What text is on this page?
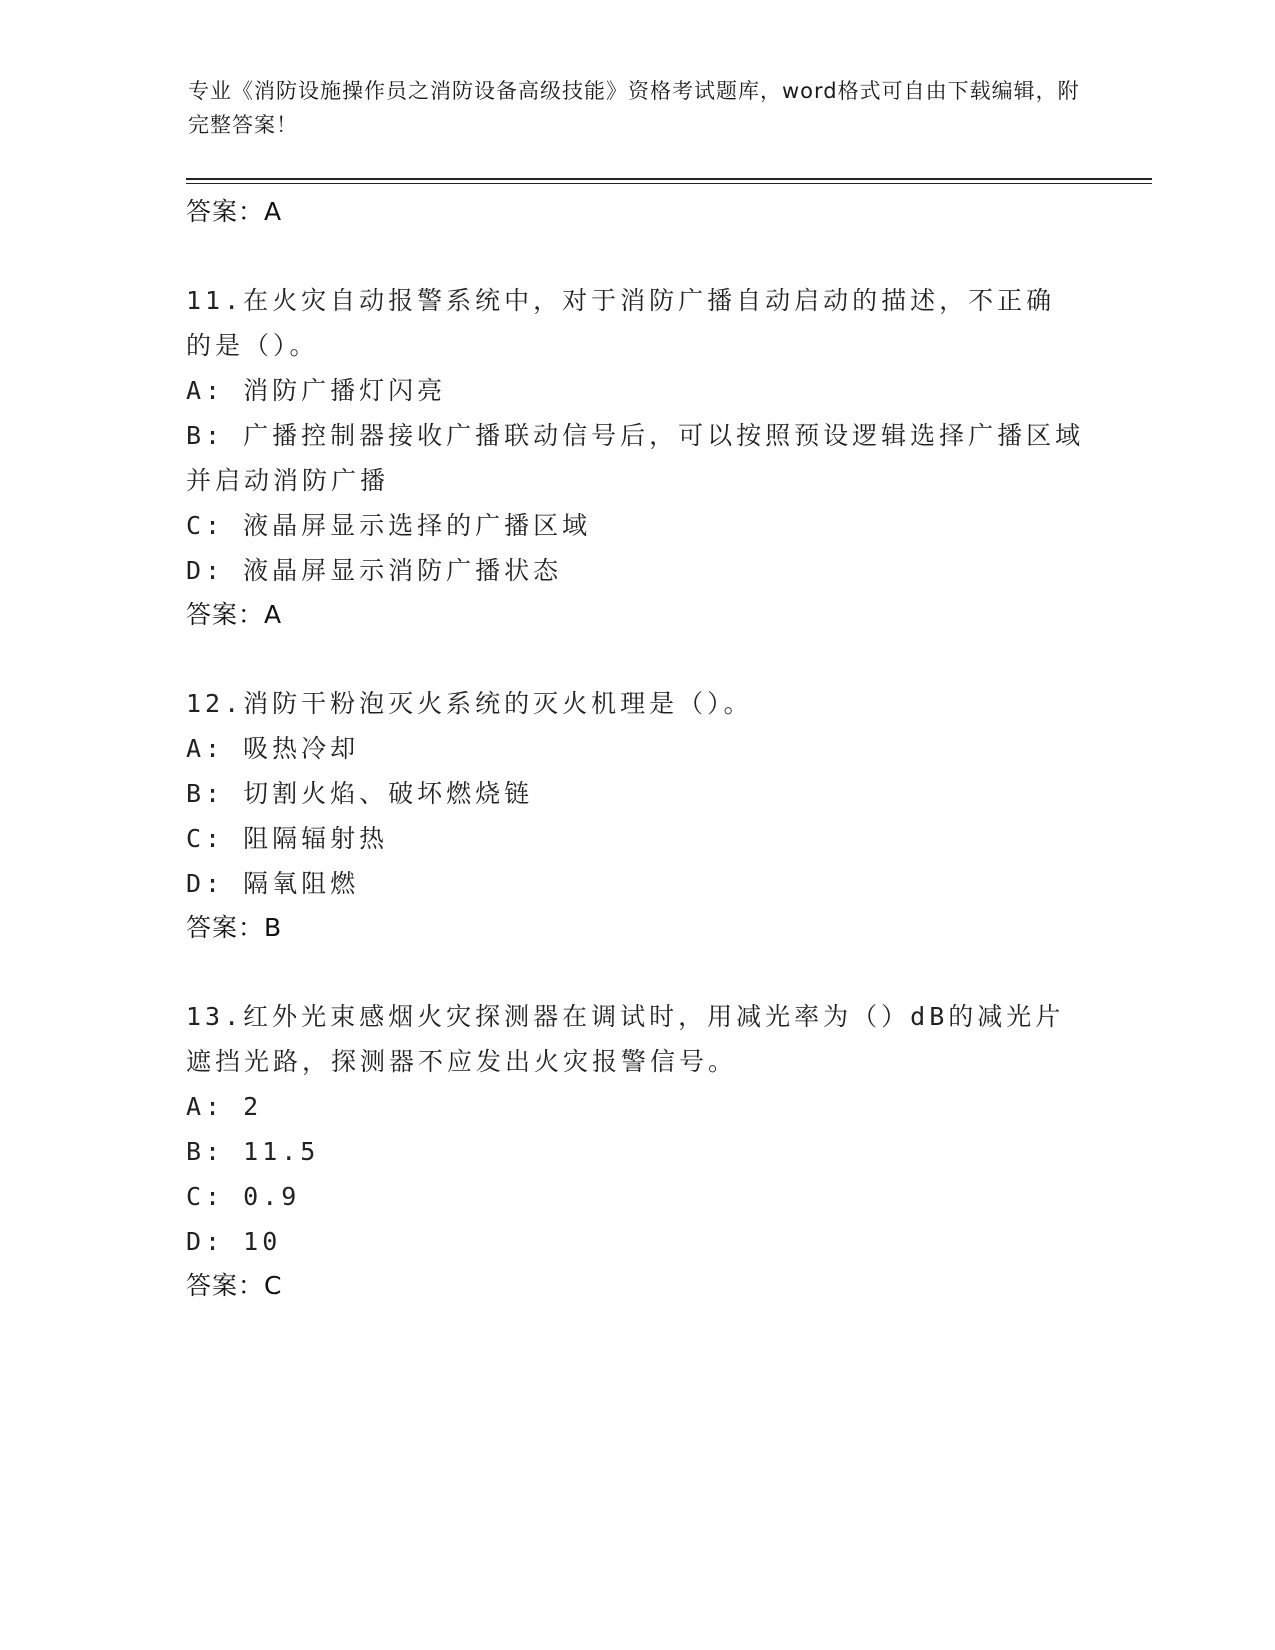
专业《消防设施操作员之消防设备高级技能》资格考试题库，word格式可自由下载编辑，附完整答案！

答案：A

11.在火灾自动报警系统中，对于消防广播自动启动的描述，不正确的是（）。

A: 消防广播灯闪亮

B: 广播控制器接收广播联动信号后，可以按照预设逻辑选择广播区域并启动消防广播

C: 液晶屏显示选择的广播区域

D: 液晶屏显示消防广播状态

答案：A

12.消防干粉泡灭火系统的灭火机理是（）。

A: 吸热冷却

B: 切割火焰、破坏燃烧链

C: 阻隔辐射热

D: 隔氧阻燃

答案：B

13.红外光束感烟火灾探测器在调试时，用减光率为（）dB的减光片遮挡光路，探测器不应发出火灾报警信号。

A: 2

B: 11.5

C: 0.9

D: 10

答案：C
